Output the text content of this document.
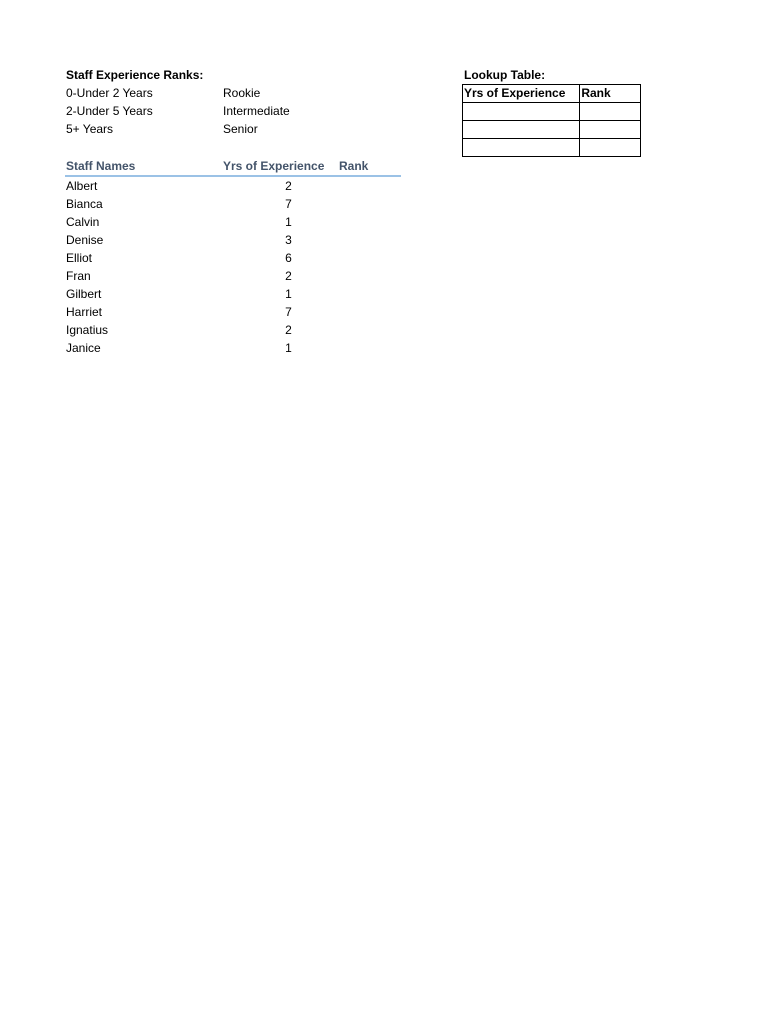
Staff Experience Ranks:
0-Under 2 Years	Rookie
2-Under 5 Years	Intermediate
5+ Years	Senior
Staff Names	Yrs of Experience	Rank
Albert	2	
Bianca	7	
Calvin	1	
Denise	3	
Elliot	6	
Fran	2	
Gilbert	1	
Harriet	7	
Ignatius	2	
Janice	1	
Lookup Table:
Yrs of Experience	Rank
